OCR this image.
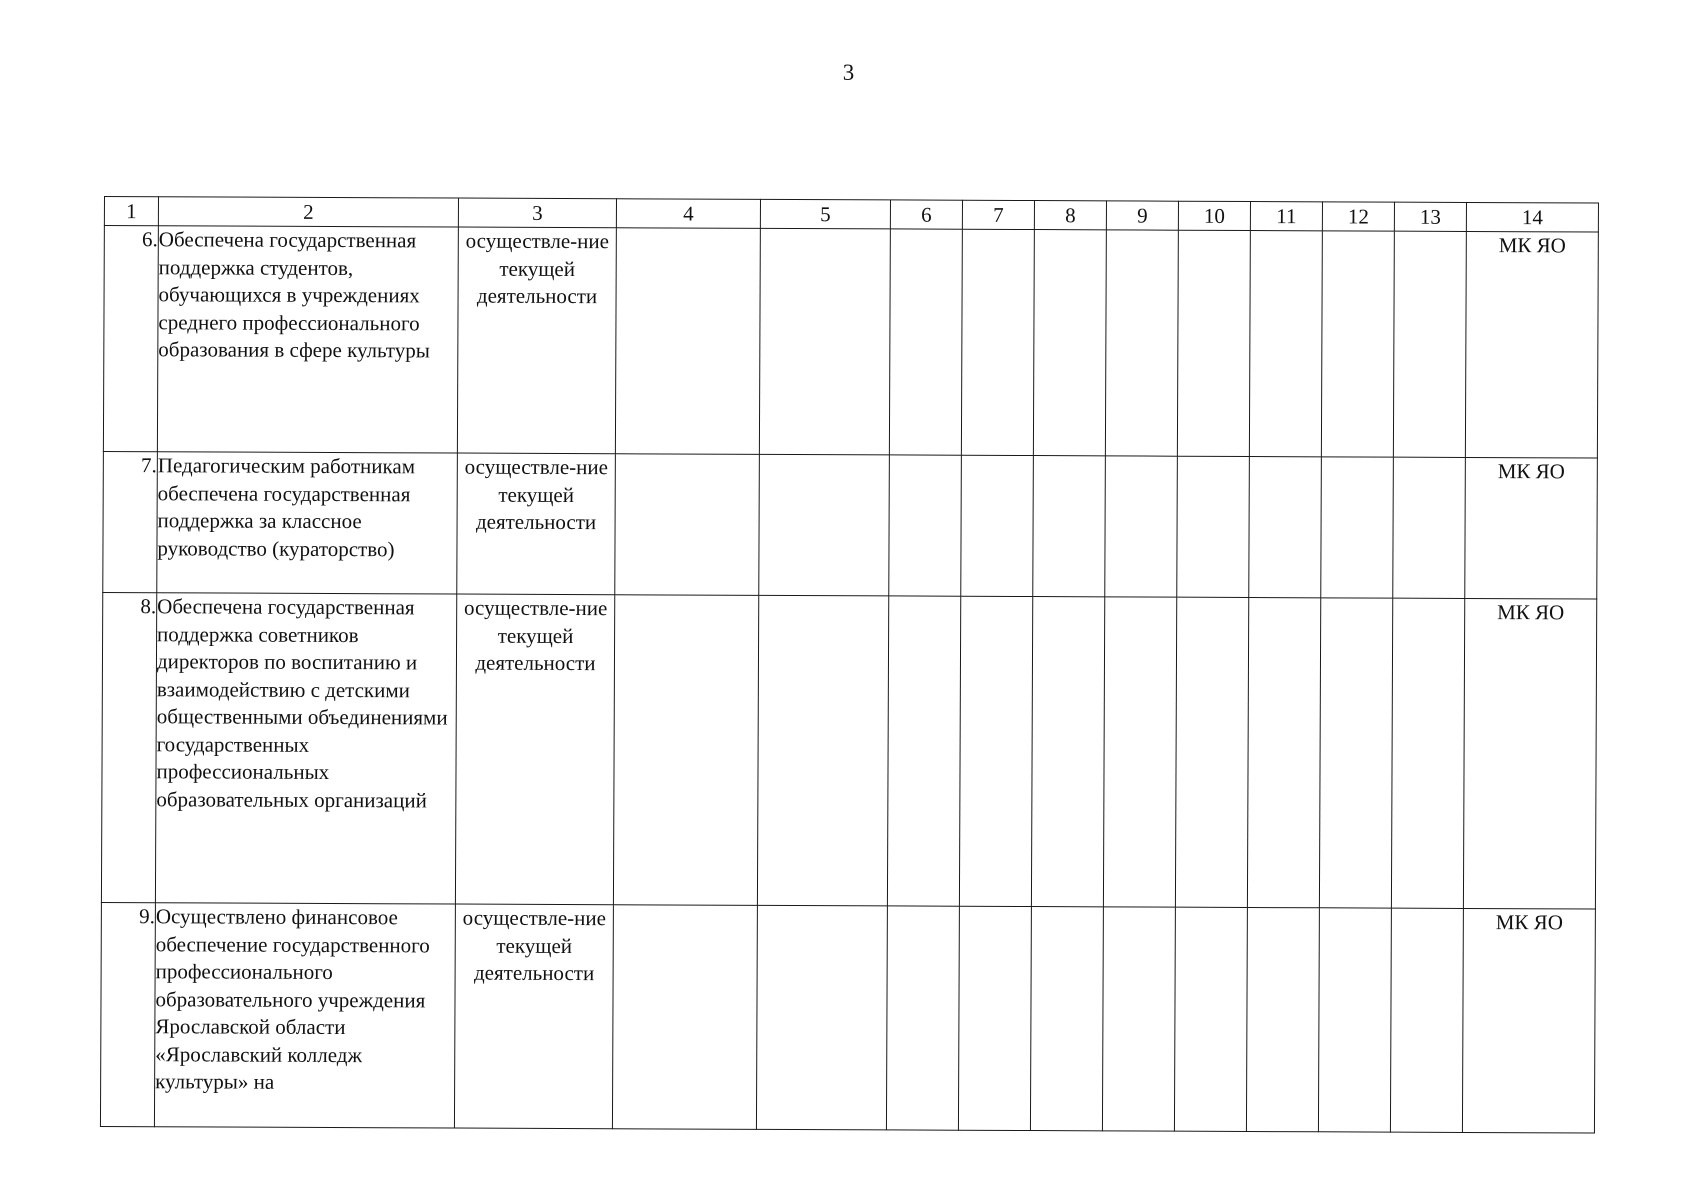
3
1	2	3	4	5	6	7	8	9	10	11	12	13	14
6.	Обеспечена государственная поддержка студентов, обучающихся в учреждениях среднего профессионального образования в сфере культуры	осуществле-ние текущей деятельности											МК ЯО
7.	Педагогическим работникам обеспечена государственная поддержка за классное руководство (кураторство)	осуществле-ние текущей деятельности											МК ЯО
8.	Обеспечена государственная поддержка советников директоров по воспитанию и взаимодействию с детскими общественными объединениями государственных профессиональных образовательных организаций	осуществле-ние текущей деятельности											МК ЯО
9.	Осуществлено финансовое обеспечение государственного профессионального образовательного учреждения Ярославской области «Ярославский колледж культуры» на	осуществле-ние текущей деятельности											МК ЯО
